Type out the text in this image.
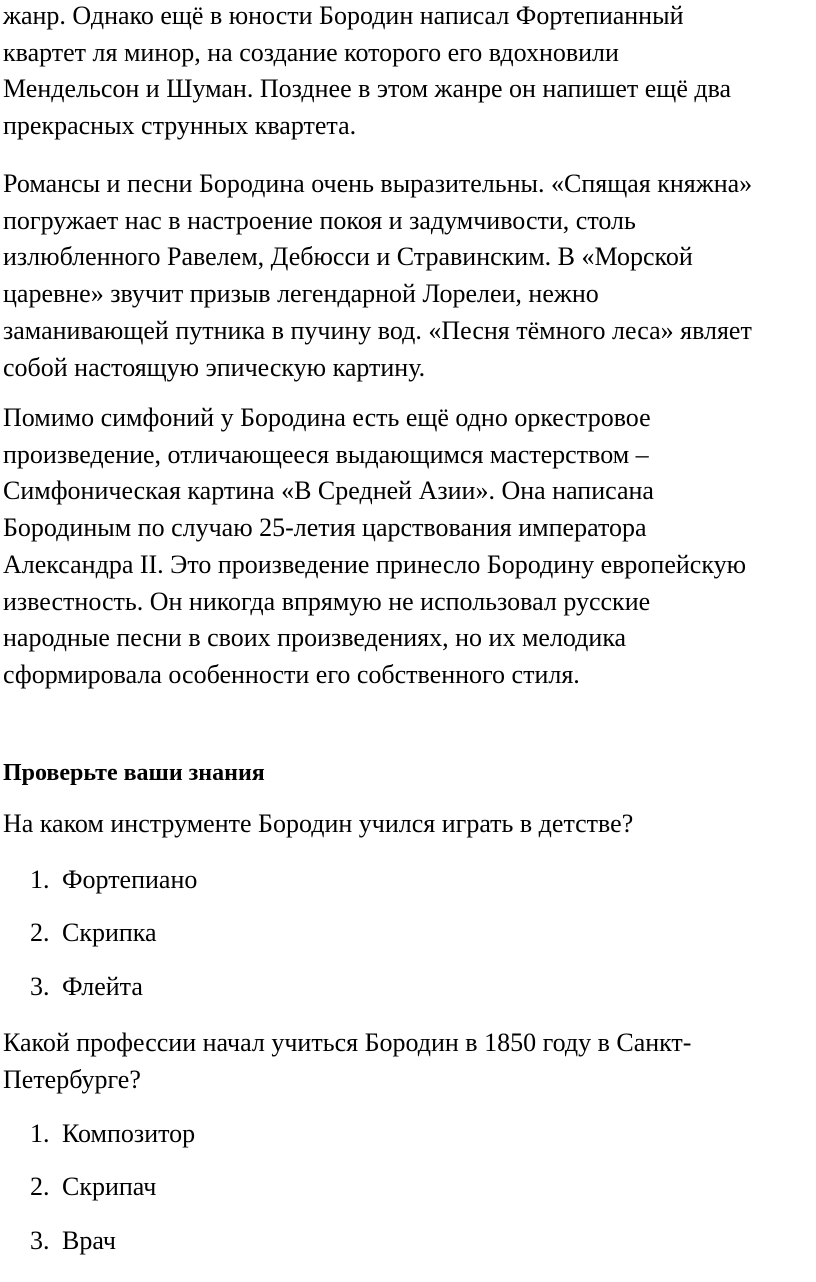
жанр. Однако ещё в юности Бородин написал Фортепианный
квартет ля минор, на создание которого его вдохновили
Мендельсон и Шуман. Позднее в этом жанре он напишет ещё два
прекрасных струнных квартета.

Романсы и песни Бородина очень выразительны. «Спящая княжна»
погружает нас в настроение покоя и задумчивости, столь
излюбленного Равелем, Дебюсси и Стравинским. В «Морской
царевне» звучит призыв легендарной Лорелеи, нежно
заманивающей путника в пучину вод. «Песня тёмного леса» являет
собой настоящую эпическую картину.

Помимо симфоний у Бородина есть ещё одно оркестровое
произведение, отличающееся выдающимся мастерством –
Симфоническая картина «В Средней Азии». Она написана
Бородиным по случаю 25-летия царствования императора
Александра II. Это произведение принесло Бородину европейскую
известность. Он никогда впрямую не использовал русские
народные песни в своих произведениях, но их мелодика
сформировала особенности его собственного стиля.

Проверьте ваши знания

На каком инструменте Бородин учился играть в детстве?

1. Фортепиано
2. Скрипка
3. Флейта

Какой профессии начал учиться Бородин в 1850 году в Санкт-
Петербурге?

1. Композитор
2. Скрипач
3. Врач
